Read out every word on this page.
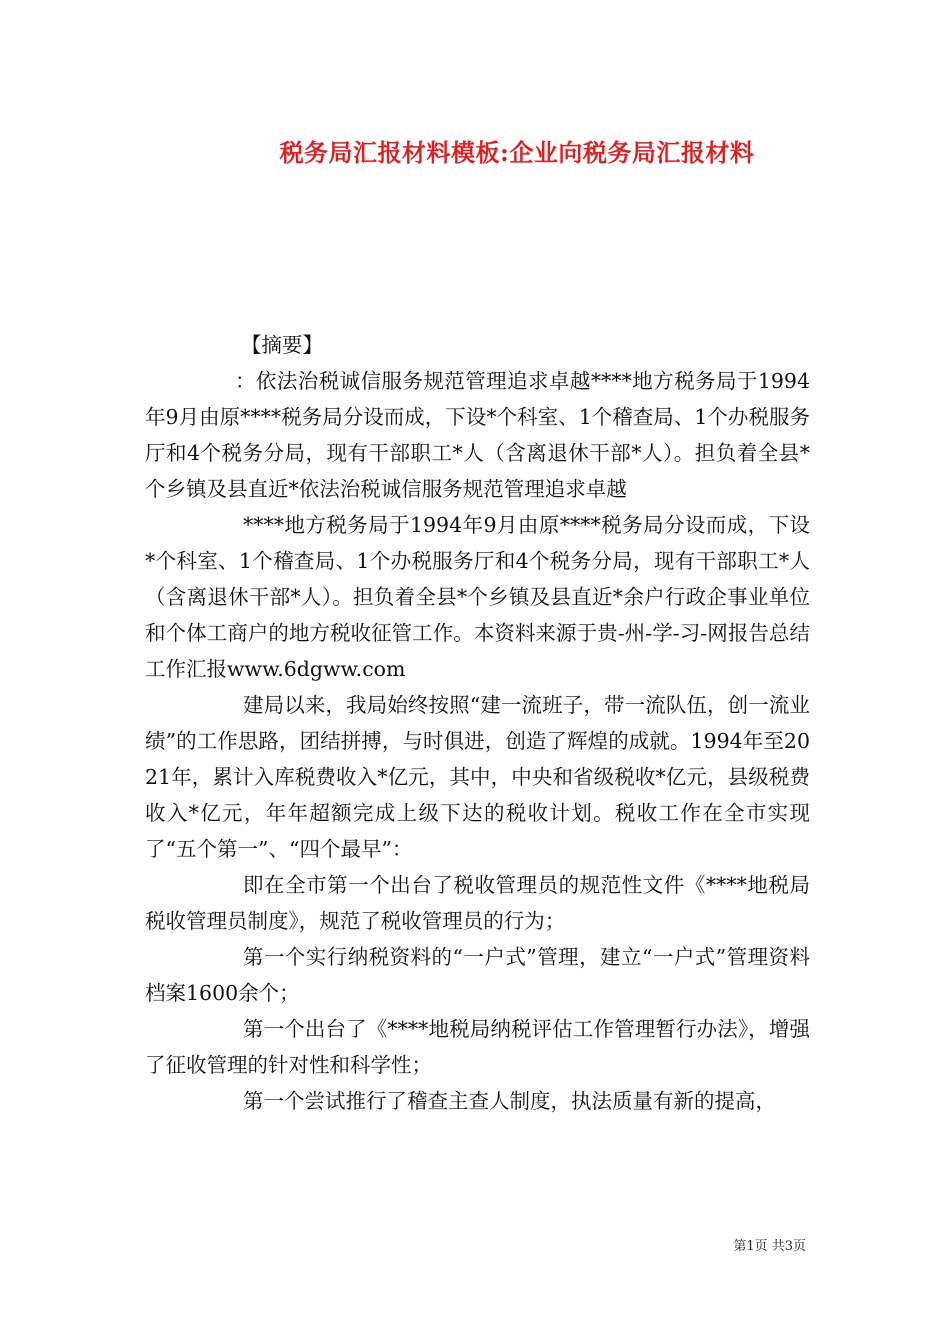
税务局汇报材料模板:企业向税务局汇报材料

【摘要】

：依法治税诚信服务规范管理追求卓越****地方税务局于1994年9月由原****税务局分设而成，下设*个科室、1个稽查局、1个办税服务厅和4个税务分局，现有干部职工*人（含离退休干部*人）。担负着全县*个乡镇及县直近*依法治税诚信服务规范管理追求卓越

****地方税务局于1994年9月由原****税务局分设而成，下设*个科室、1个稽查局、1个办税服务厅和4个税务分局，现有干部职工*人（含离退休干部*人）。担负着全县*个乡镇及县直近*余户行政企事业单位和个体工商户的地方税收征管工作。本资料来源于贵-州-学-习-网报告总结工作汇报www.6dgww.com

建局以来，我局始终按照“建一流班子，带一流队伍，创一流业绩”的工作思路，团结拼搏，与时俱进，创造了辉煌的成就。1994年至2021年，累计入库税费收入*亿元，其中，中央和省级税收*亿元，县级税费收入*亿元，年年超额完成上级下达的税收计划。税收工作在全市实现了“五个第一”、“四个最早”：

即在全市第一个出台了税收管理员的规范性文件《****地税局税收管理员制度》，规范了税收管理员的行为；

第一个实行纳税资料的“一户式”管理，建立“一户式”管理资料档案1600余个；

第一个出台了《****地税局纳税评估工作管理暂行办法》，增强了征收管理的针对性和科学性；

第一个尝试推行了稽查主查人制度，执法质量有新的提高，

第1页 共3页
